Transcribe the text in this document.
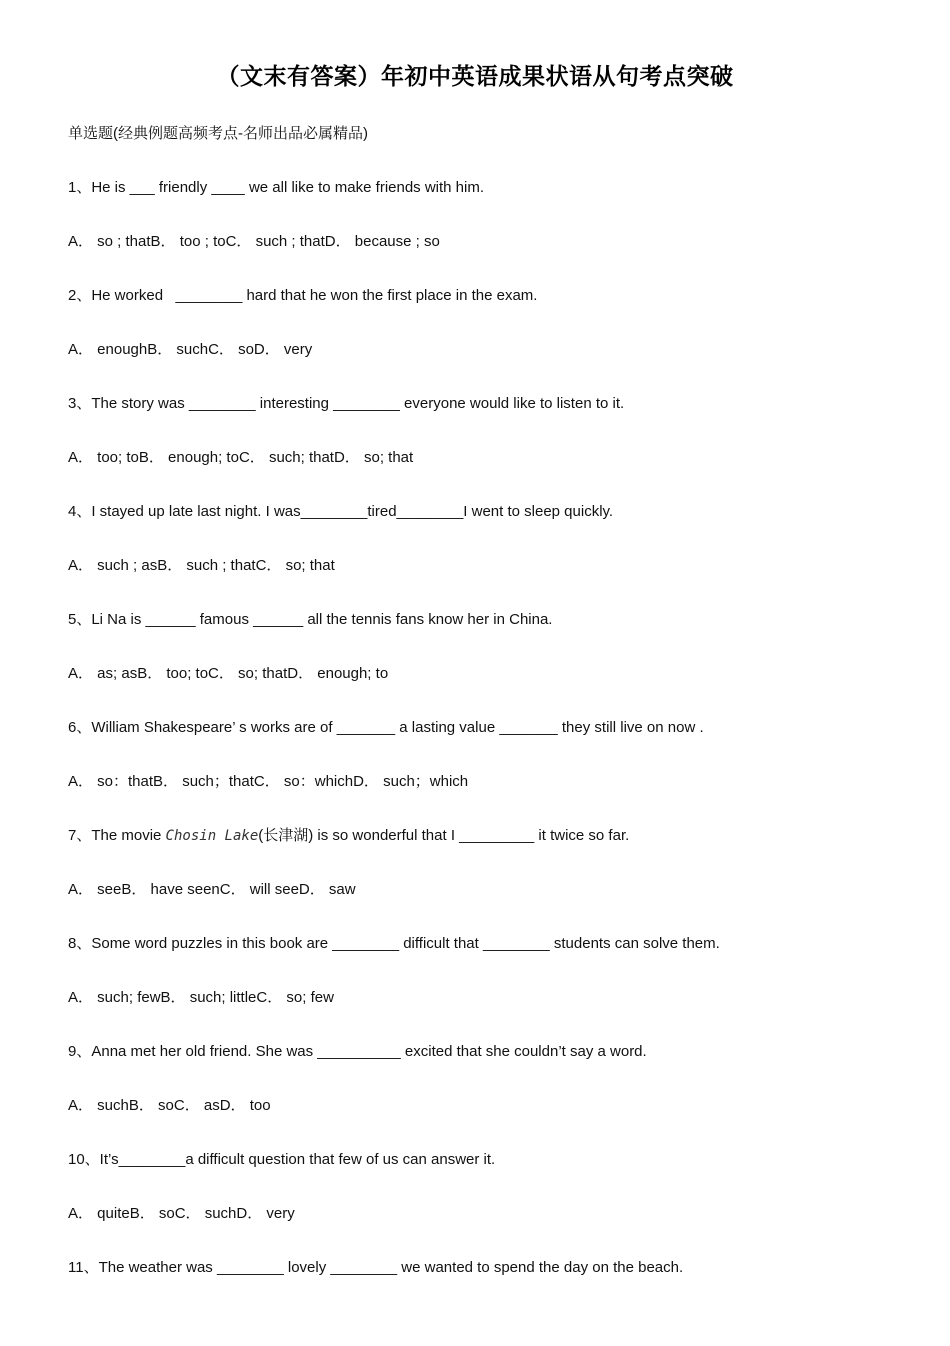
（文末有答案）年初中英语成果状语从句考点突破
单选题(经典例题高频考点-名师出品必属精品)
1、He is ___ friendly ____ we all like to make friends with him.
A． so ; thatB． too ; toC． such ; thatD． because ; so
2、He worked   ________ hard that he won the first place in the exam.
A． enoughB． suchC． soD． very
3、The story was ________ interesting ________ everyone would like to listen to it.
A． too; toB． enough; toC． such; thatD． so; that
4、I stayed up late last night. I was________tired________I went to sleep quickly.
A． such ; asB． such ; thatC． so; that
5、Li Na is ______ famous ______ all the tennis fans know her in China.
A． as; asB． too; toC． so; thatD． enough; to
6、William Shakespeare’ s works are of _______ a lasting value _______ they still live on now .
A． so：thatB． such；thatC． so：whichD． such；which
7、The movie Chosin Lake(长津湖) is so wonderful that I _________ it twice so far.
A． seeB． have seenC． will seeD． saw
8、Some word puzzles in this book are ________ difficult that ________ students can solve them.
A． such; fewB． such; littleC． so; few
9、Anna met her old friend. She was __________ excited that she couldn’t say a word.
A． suchB． soC． asD． too
10、It’s________a difficult question that few of us can answer it.
A． quiteB． soC． suchD． very
11、The weather was ________ lovely ________ we wanted to spend the day on the beach.
